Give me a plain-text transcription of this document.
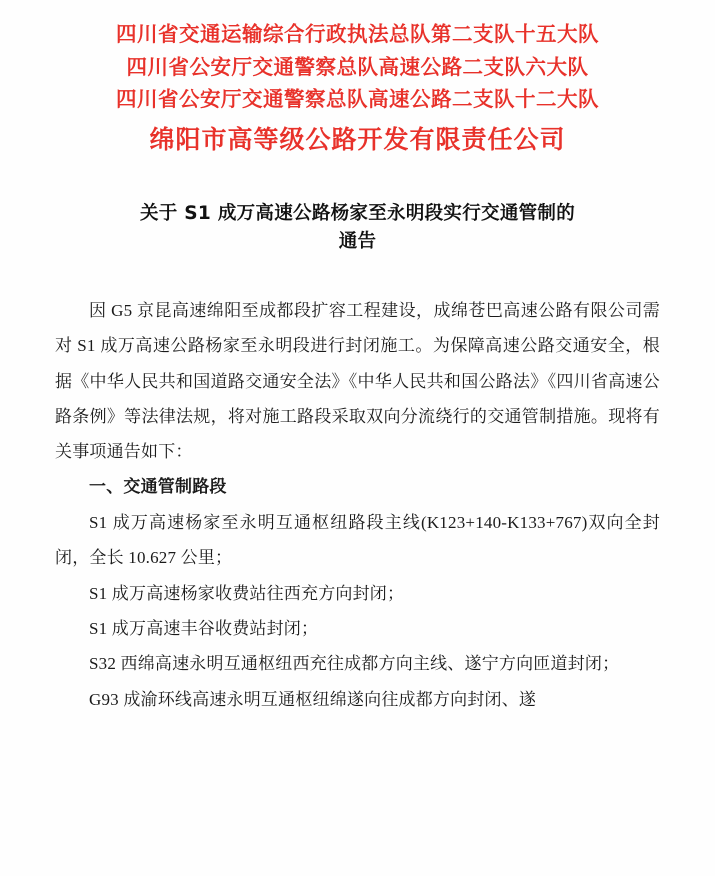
四川省交通运输综合行政执法总队第二支队十五大队
四川省公安厅交通警察总队高速公路二支队六大队
四川省公安厅交通警察总队高速公路二支队十二大队
绵阳市高等级公路开发有限责任公司
关于 S1 成万高速公路杨家至永明段实行交通管制的
通告

因 G5 京昆高速绵阳至成都段扩容工程建设，成绵苍巴高速公路有限公司需对 S1 成万高速公路杨家至永明段进行封闭施工。为保障高速公路交通安全，根据《中华人民共和国道路交通安全法》《中华人民共和国公路法》《四川省高速公路条例》等法律法规，将对施工路段采取双向分流绕行的交通管制措施。现将有关事项通告如下：

一、交通管制路段

S1 成万高速杨家至永明互通枢纽路段主线(K123+140-K133+767)双向全封闭，全长 10.627 公里；

S1 成万高速杨家收费站往西充方向封闭；

S1 成万高速丰谷收费站封闭；

S32 西绵高速永明互通枢纽西充往成都方向主线、遂宁方向匝道封闭；

G93 成渝环线高速永明互通枢纽绵遂向往成都方向封闭、遂
